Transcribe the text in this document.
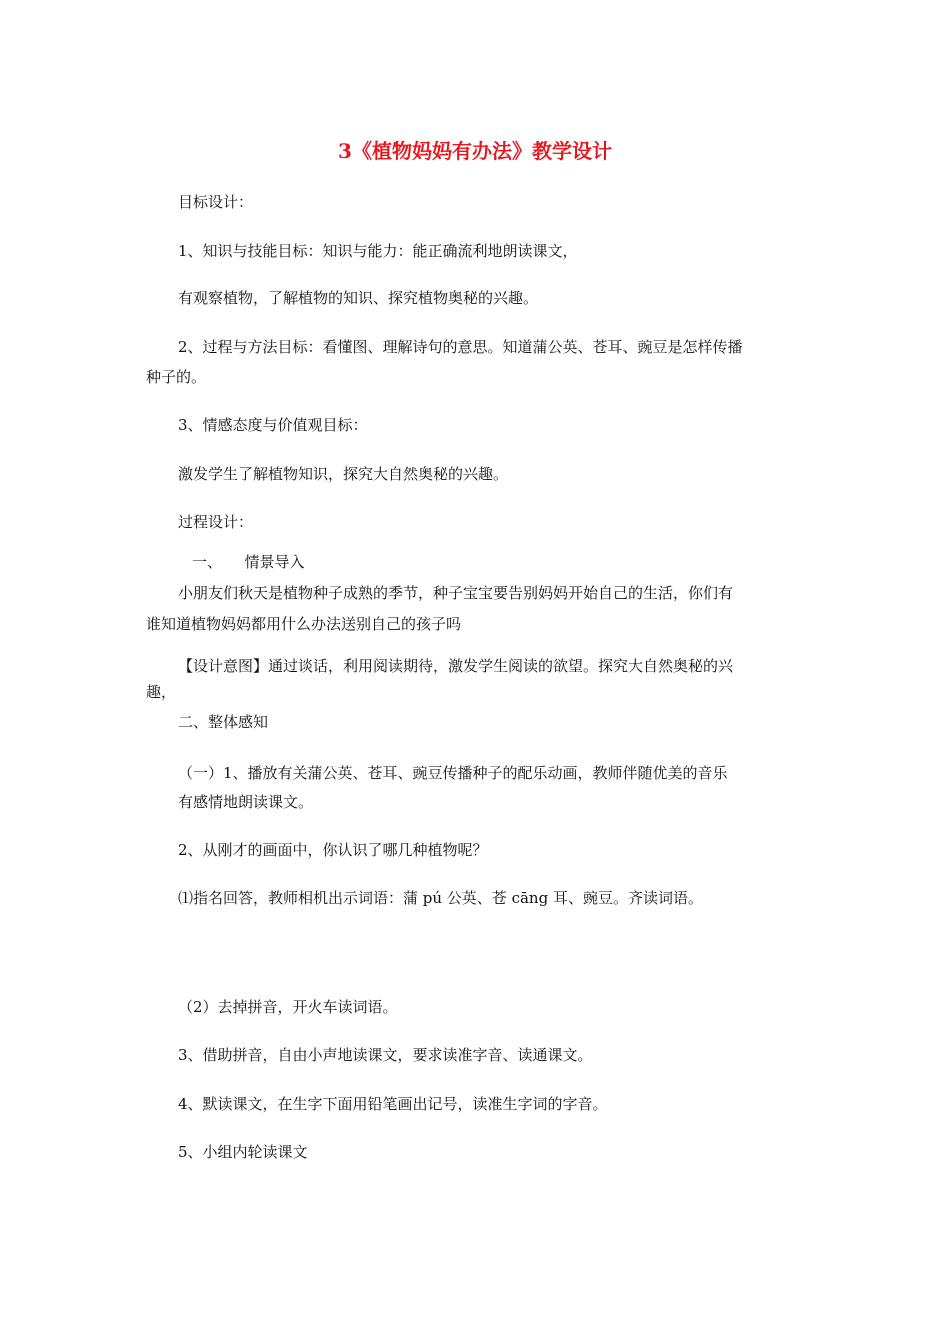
3《植物妈妈有办法》教学设计
目标设计：
1、知识与技能目标：知识与能力：能正确流利地朗读课文，
有观察植物，了解植物的知识、探究植物奥秘的兴趣。
2、过程与方法目标：看懂图、理解诗句的意思。知道蒲公英、苍耳、豌豆是怎样传播
种子的。
3、情感态度与价值观目标：
激发学生了解植物知识，探究大自然奥秘的兴趣。
过程设计：
一、　　情景导入
小朋友们秋天是植物种子成熟的季节，种子宝宝要告别妈妈开始自己的生活，你们有
谁知道植物妈妈都用什么办法送别自己的孩子吗
【设计意图】通过谈话，利用阅读期待，激发学生阅读的欲望。探究大自然奥秘的兴
趣，
二、整体感知
（一）1、播放有关蒲公英、苍耳、豌豆传播种子的配乐动画，教师伴随优美的音乐
有感情地朗读课文。
2、从刚才的画面中，你认识了哪几种植物呢？
⑴指名回答，教师相机出示词语：蒲 pú 公英、苍 cāng 耳、豌豆。齐读词语。
（2）去掉拼音，开火车读词语。
3、借助拼音，自由小声地读课文，要求读准字音、读通课文。
4、默读课文，在生字下面用铅笔画出记号，读准生字词的字音。
5、小组内轮读课文
